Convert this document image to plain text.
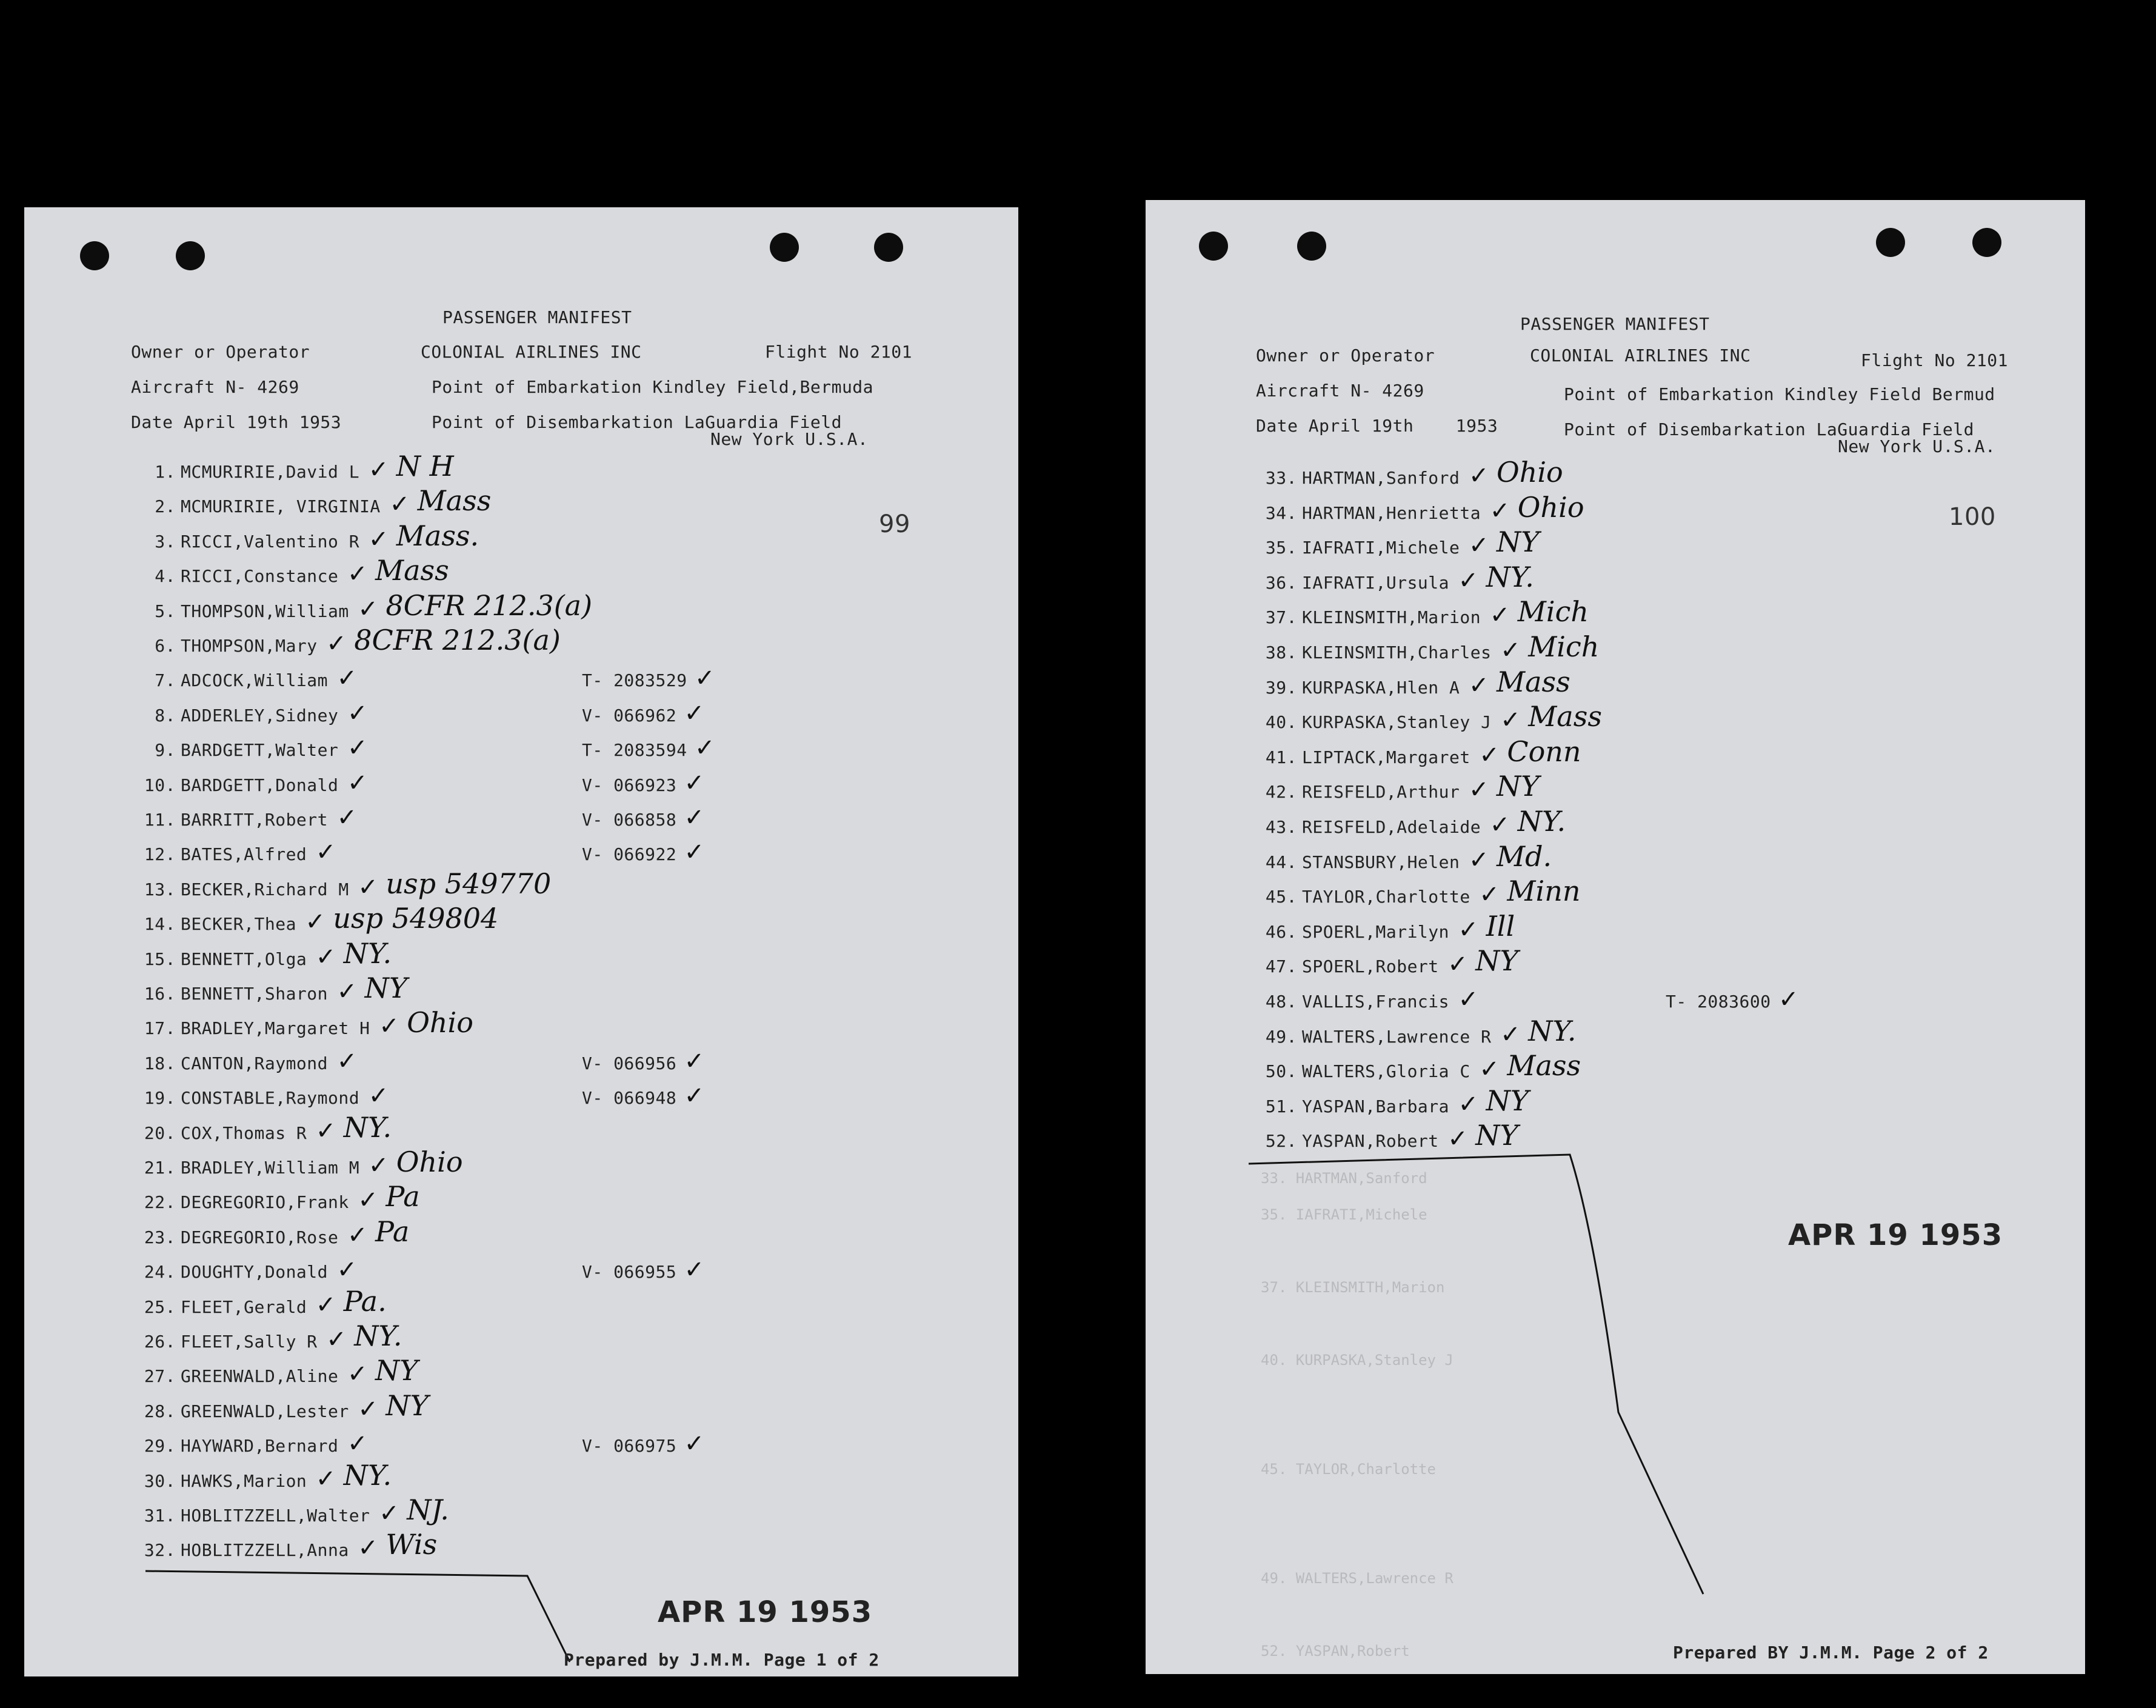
PASSENGER MANIFEST
Owner or Operator	COLONIAL AIRLINES INC	Flight No 2101
Aircraft N- 4269	Point of Embarkation Kindley Field,Bermuda
Date April 19th 1953	Point of Disembarkation LaGuardia Field
New York U.S.A.
99
1. MCMURIRIE,David L ✓ N H
2. MCMURIRIE, VIRGINIA ✓ Mass
3. RICCI,Valentino R ✓ Mass.
4. RICCI,Constance ✓ Mass
5. THOMPSON,William ✓ 8CFR 212.3(a)
6. THOMPSON,Mary ✓ 8CFR 212.3(a)
7. ADCOCK,William ✓	T- 2083529 ✓
8. ADDERLEY,Sidney ✓	V- 066962 ✓
9. BARDGETT,Walter ✓	T- 2083594 ✓
10. BARDGETT,Donald ✓	V- 066923 ✓
11. BARRITT,Robert ✓	V- 066858 ✓
12. BATES,Alfred ✓	V- 066922 ✓
13. BECKER,Richard M ✓ usp 549770
14. BECKER,Thea ✓ usp 549804
15. BENNETT,Olga ✓ NY.
16. BENNETT,Sharon ✓ NY
17. BRADLEY,Margaret H ✓ Ohio
18. CANTON,Raymond ✓	V- 066956 ✓
19. CONSTABLE,Raymond ✓	V- 066948 ✓
20. COX,Thomas R ✓ NY.
21. BRADLEY,William M ✓ Ohio
22. DEGREGORIO,Frank ✓ Pa
23. DEGREGORIO,Rose ✓ Pa
24. DOUGHTY,Donald ✓	V- 066955 ✓
25. FLEET,Gerald ✓ Pa.
26. FLEET,Sally R ✓ NY.
27. GREENWALD,Aline ✓ NY
28. GREENWALD,Lester ✓ NY
29. HAYWARD,Bernard ✓	V- 066975 ✓
30. HAWKS,Marion ✓ NY.
31. HOBLITZZELL,Walter ✓ NJ.
32. HOBLITZZELL,Anna ✓ Wis
APR 19 1953
Prepared by J.M.M. Page 1 of 2
PASSENGER MANIFEST
Owner or Operator	COLONIAL AIRLINES INC	Flight No 2101
Aircraft N- 4269	Point of Embarkation Kindley Field Bermud
Date April 19th    1953	Point of Disembarkation LaGuardia Field
New York U.S.A.
100
33. HARTMAN,Sanford ✓ Ohio
34. HARTMAN,Henrietta ✓ Ohio
35. IAFRATI,Michele ✓ NY
36. IAFRATI,Ursula ✓ NY.
37. KLEINSMITH,Marion ✓ Mich
38. KLEINSMITH,Charles ✓ Mich
39. KURPASKA,Hlen A ✓ Mass
40. KURPASKA,Stanley J ✓ Mass
41. LIPTACK,Margaret ✓ Conn
42. REISFELD,Arthur ✓ NY
43. REISFELD,Adelaide ✓ NY.
44. STANSBURY,Helen ✓ Md.
45. TAYLOR,Charlotte ✓ Minn
46. SPOERL,Marilyn ✓ Ill
47. SPOERL,Robert ✓ NY
48. VALLIS,Francis ✓	T- 2083600 ✓
49. WALTERS,Lawrence R ✓ NY.
50. WALTERS,Gloria C ✓ Mass
51. YASPAN,Barbara ✓ NY
52. YASPAN,Robert ✓ NY
33. HARTMAN,Sanford
35. IAFRATI,Michele
37. KLEINSMITH,Marion
40. KURPASKA,Stanley J
45. TAYLOR,Charlotte
49. WALTERS,Lawrence R
52. YASPAN,Robert
APR 19 1953
Prepared BY J.M.M. Page 2 of 2
